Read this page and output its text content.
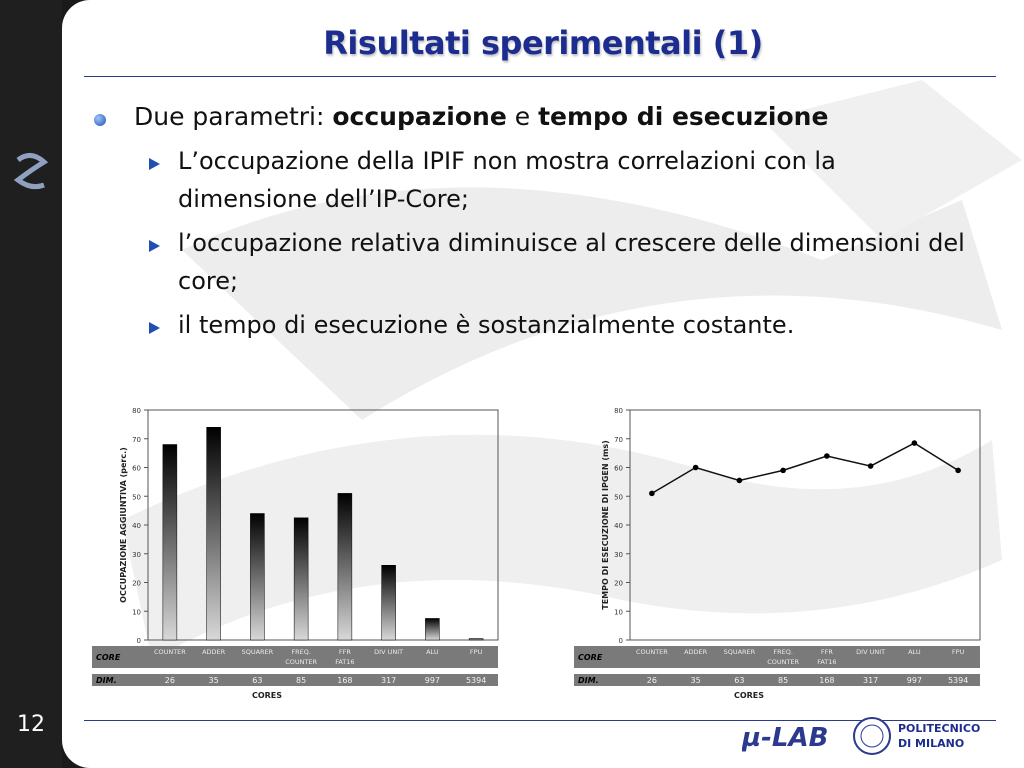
12
Risultati sperimentali (1)
Due parametri: occupazione e tempo di esecuzione
L’occupazione della IPIF non mostra correlazioni con la dimensione dell’IP-Core;
l’occupazione relativa diminuisce al crescere delle dimensioni del core;
il tempo di esecuzione è sostanzialmente costante.
0
10
20
30
40
50
60
70
80
OCCUPAZIONE AGGIUNTIVA (perc.)
CORE
DIM.
COUNTER
26
ADDER
35
SQUARER
63
FREQ.
COUNTER
85
FFR
FAT16
168
DIV UNIT
317
ALU
997
FPU
5394
CORES
0
10
20
30
40
50
60
70
80
TEMPO DI ESECUZIONE DI IPGEN (ms)
CORE
DIM.
COUNTER
26
ADDER
35
SQUARER
63
FREQ.
COUNTER
85
FFR
FAT16
168
DIV UNIT
317
ALU
997
FPU
5394
CORES
µ-LAB	POLITECNICO
DI MILANO
